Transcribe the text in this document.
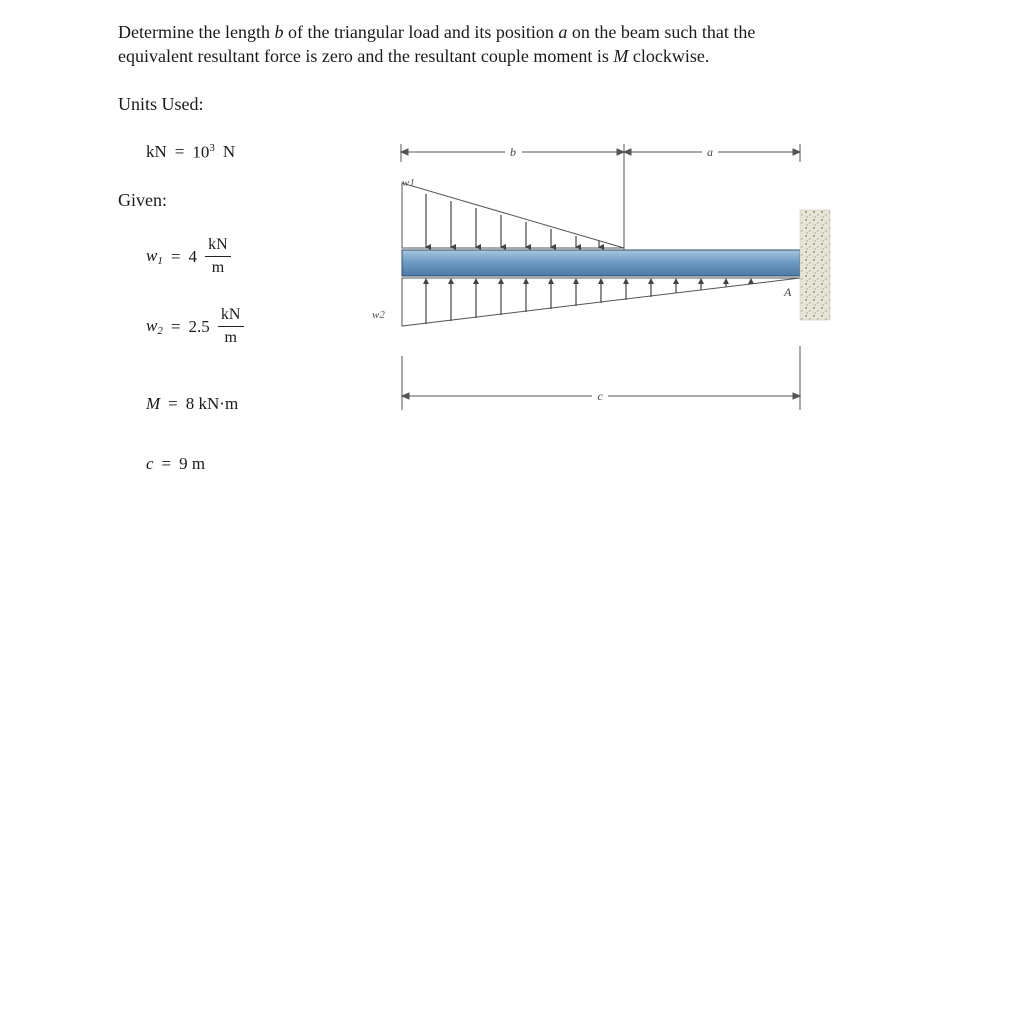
Determine the length b of the triangular load and its position a on the beam such that the
equivalent resultant force is zero and the resultant couple moment is M clockwise.
Units Used:
kN = $10^3$ N
Given:
$w_1 = 4 \frac{kN}{m}$
$w_2 = 2.5 \frac{kN}{m}$
M = 8 kN·m
c = 9 m
b	a
w1
A
w2
c
